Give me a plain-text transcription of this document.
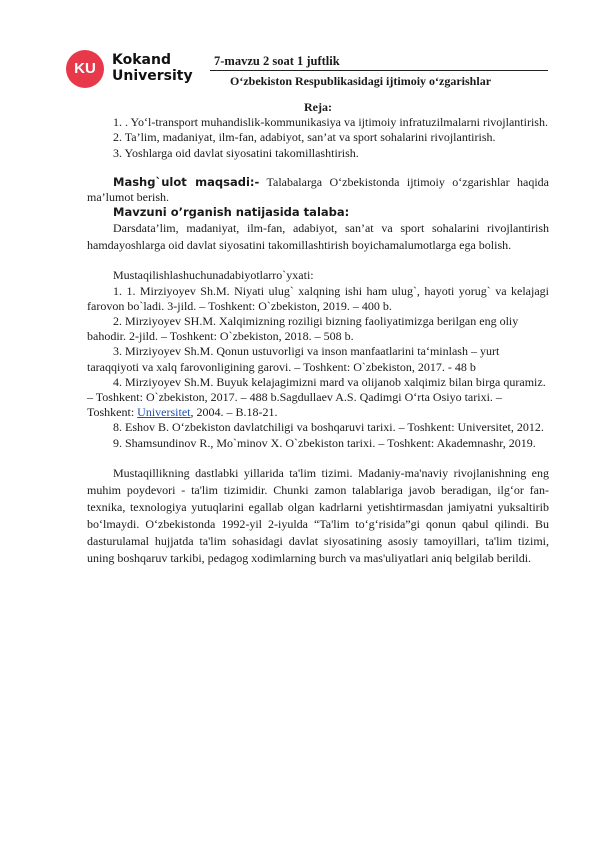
KU	Kokand
University
7-mavzu 2 soat 1 juftlik
O‘zbekiston Respublikasidagi ijtimoiy o‘zgarishlar

Reja:

1. . Yo‘l-transport muhandislik-kommunikasiya va ijtimoiy infratuzilmalarni rivojlantirish.

2. Ta’lim, madaniyat, ilm-fan, adabiyot, san’at va sport sohalarini rivojlantirish.

3. Yoshlarga oid davlat siyosatini takomillashtirish.

Mashg`ulot maqsadi:- Talabalarga O‘zbekistonda ijtimoiy o‘zgarishlar haqida ma’lumot berish.

Mavzuni o’rganish natijasida talaba:

Darsdata’lim, madaniyat, ilm-fan, adabiyot, san’at va sport sohalarini rivojlantirish hamdayoshlarga oid davlat siyosatini takomillashtirish boyichamalumotlarga ega bolish.

Mustaqilishlashuchunadabiyotlarro`yxati:

1. 1. Mirziyoyev Sh.M. Niyati ulug` xalqning ishi ham ulug`, hayoti yorug` va kelajagi farovon bo`ladi. 3-jild. – Toshkent: O`zbekiston, 2019. – 400 b.

2. Mirziyoyev SH.M. Xalqimizning roziligi bizning faoliyatimizga berilgan eng oliy bahodir. 2-jild. – Toshkent: O`zbekiston, 2018. – 508 b.

3. Mirziyoyev Sh.M. Qonun ustuvorligi va inson manfaatlarini ta‘minlash – yurt taraqqiyoti va xalq farovonligining garovi. – Toshkent: O`zbekiston, 2017. - 48 b

4. Mirziyoyev Sh.M. Buyuk kelajagimizni mard va olijanob xalqimiz bilan birga quramiz. – Toshkent: O`zbekiston, 2017. – 488 b.Sagdullaev A.S. Qadimgi O‘rta Osiyo tarixi. – Toshkent: Universitet, 2004. – B.18-21.

8. Eshov B. O‘zbekiston davlatchiligi va boshqaruvi tarixi. – Toshkent: Universitet, 2012.

9. Shamsundinov R., Mo`minov X. O`zbekiston tarixi. – Toshkent: Akademnashr, 2019.

Mustaqillikning dastlabki yillarida ta'lim tizimi. Madaniy-ma'naviy rivojlanishning eng muhim poydevori - ta'lim tizimidir. Chunki zamon talablariga javob beradigan, ilg‘or fan-texnika, texnologiya yutuqlarini egallab olgan kadrlarni yetishtirmasdan jamiyatni yuksaltirib bo‘lmaydi. O‘zbekistonda 1992-yil 2-iyulda “Ta'lim to‘g‘risida”gi qonun qabul qilindi. Bu dasturulamal hujjatda ta'lim sohasidagi davlat siyosatining asosiy tamoyillari, ta'lim tizimi, uning boshqaruv tarkibi, pedagog xodimlarning burch va mas'uliyatlari aniq belgilab berildi.
